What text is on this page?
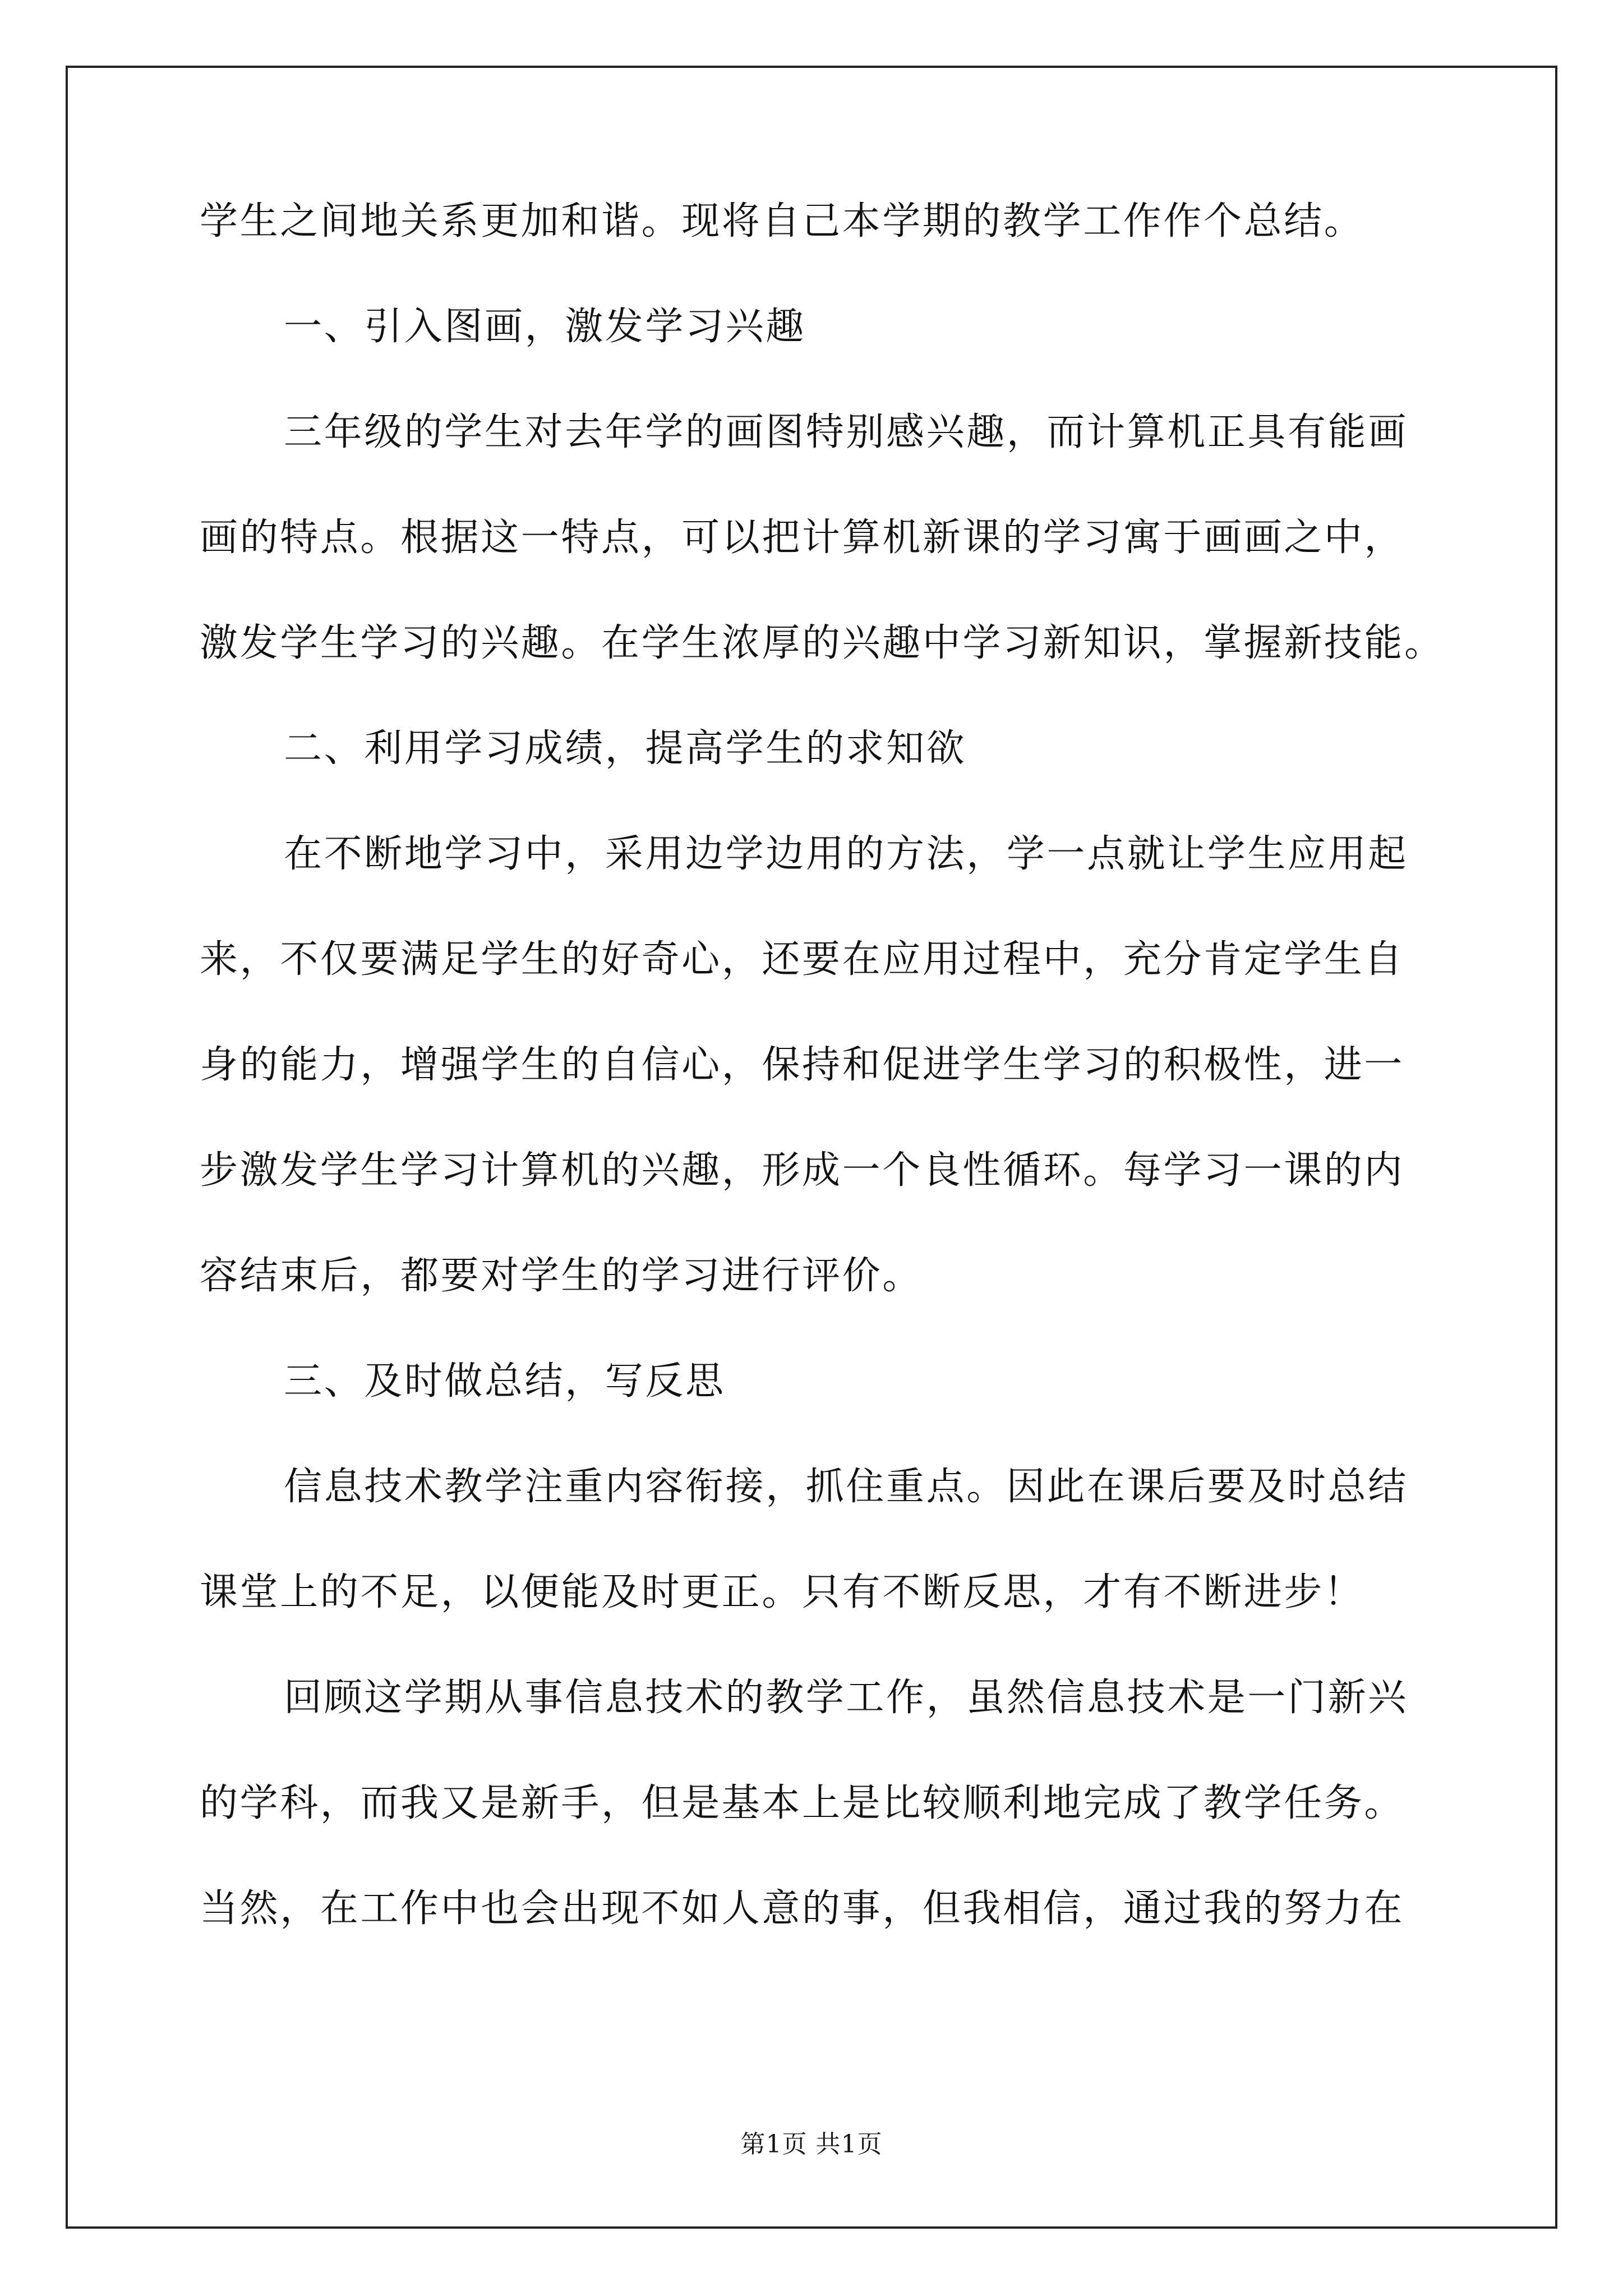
学生之间地关系更加和谐。现将自己本学期的教学工作作个总结。
一、引入图画，激发学习兴趣
三年级的学生对去年学的画图特别感兴趣，而计算机正具有能画
画的特点。根据这一特点，可以把计算机新课的学习寓于画画之中，
激发学生学习的兴趣。在学生浓厚的兴趣中学习新知识，掌握新技能。
二、利用学习成绩，提高学生的求知欲
在不断地学习中，采用边学边用的方法，学一点就让学生应用起
来，不仅要满足学生的好奇心，还要在应用过程中，充分肯定学生自
身的能力，增强学生的自信心，保持和促进学生学习的积极性，进一
步激发学生学习计算机的兴趣，形成一个良性循环。每学习一课的内
容结束后，都要对学生的学习进行评价。
三、及时做总结，写反思
信息技术教学注重内容衔接，抓住重点。因此在课后要及时总结
课堂上的不足，以便能及时更正。只有不断反思，才有不断进步！
回顾这学期从事信息技术的教学工作，虽然信息技术是一门新兴
的学科，而我又是新手，但是基本上是比较顺利地完成了教学任务。
当然，在工作中也会出现不如人意的事，但我相信，通过我的努力在
第1页 共1页
